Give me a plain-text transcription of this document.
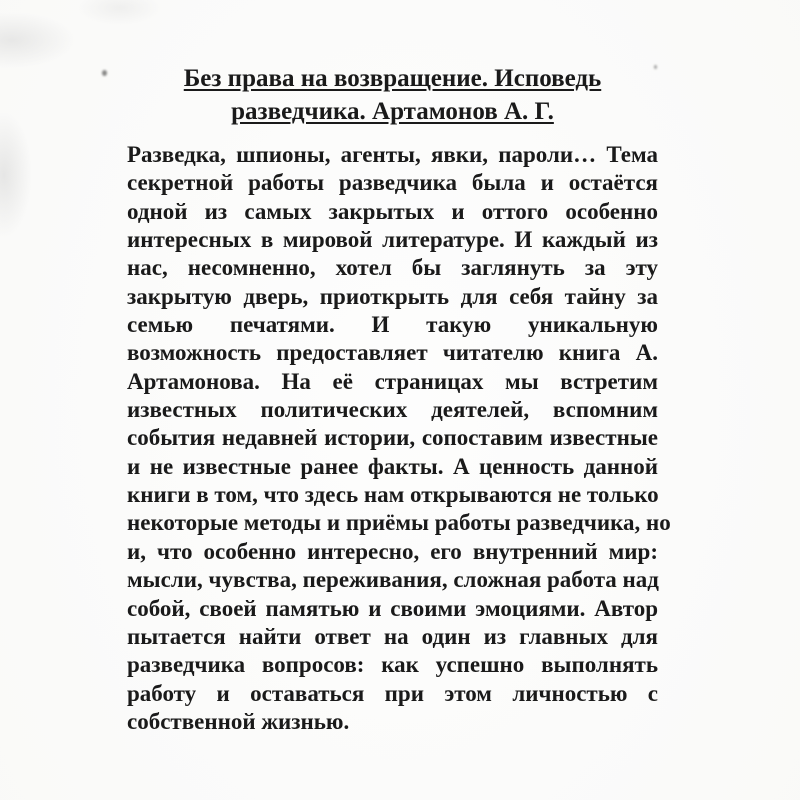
Без права на возвращение. Исповедь
разведчика. Артамонов А. Г.
Разведка, шпионы, агенты, явки, пароли… Тема
секретной работы разведчика была и остаётся
одной из самых закрытых и оттого особенно
интересных в мировой литературе. И каждый из
нас, несомненно, хотел бы заглянуть за эту
закрытую дверь, приоткрыть для себя тайну за
семью печатями. И такую уникальную
возможность предоставляет читателю книга А.
Артамонова. На её страницах мы встретим
известных политических деятелей, вспомним
события недавней истории, сопоставим известные
и не известные ранее факты. А ценность данной
книги в том, что здесь нам открываются не только
некоторые методы и приёмы работы разведчика, но
и, что особенно интересно, его внутренний мир:
мысли, чувства, переживания, сложная работа над
собой, своей памятью и своими эмоциями. Автор
пытается найти ответ на один из главных для
разведчика вопросов: как успешно выполнять
работу и оставаться при этом личностью с
собственной жизнью.
